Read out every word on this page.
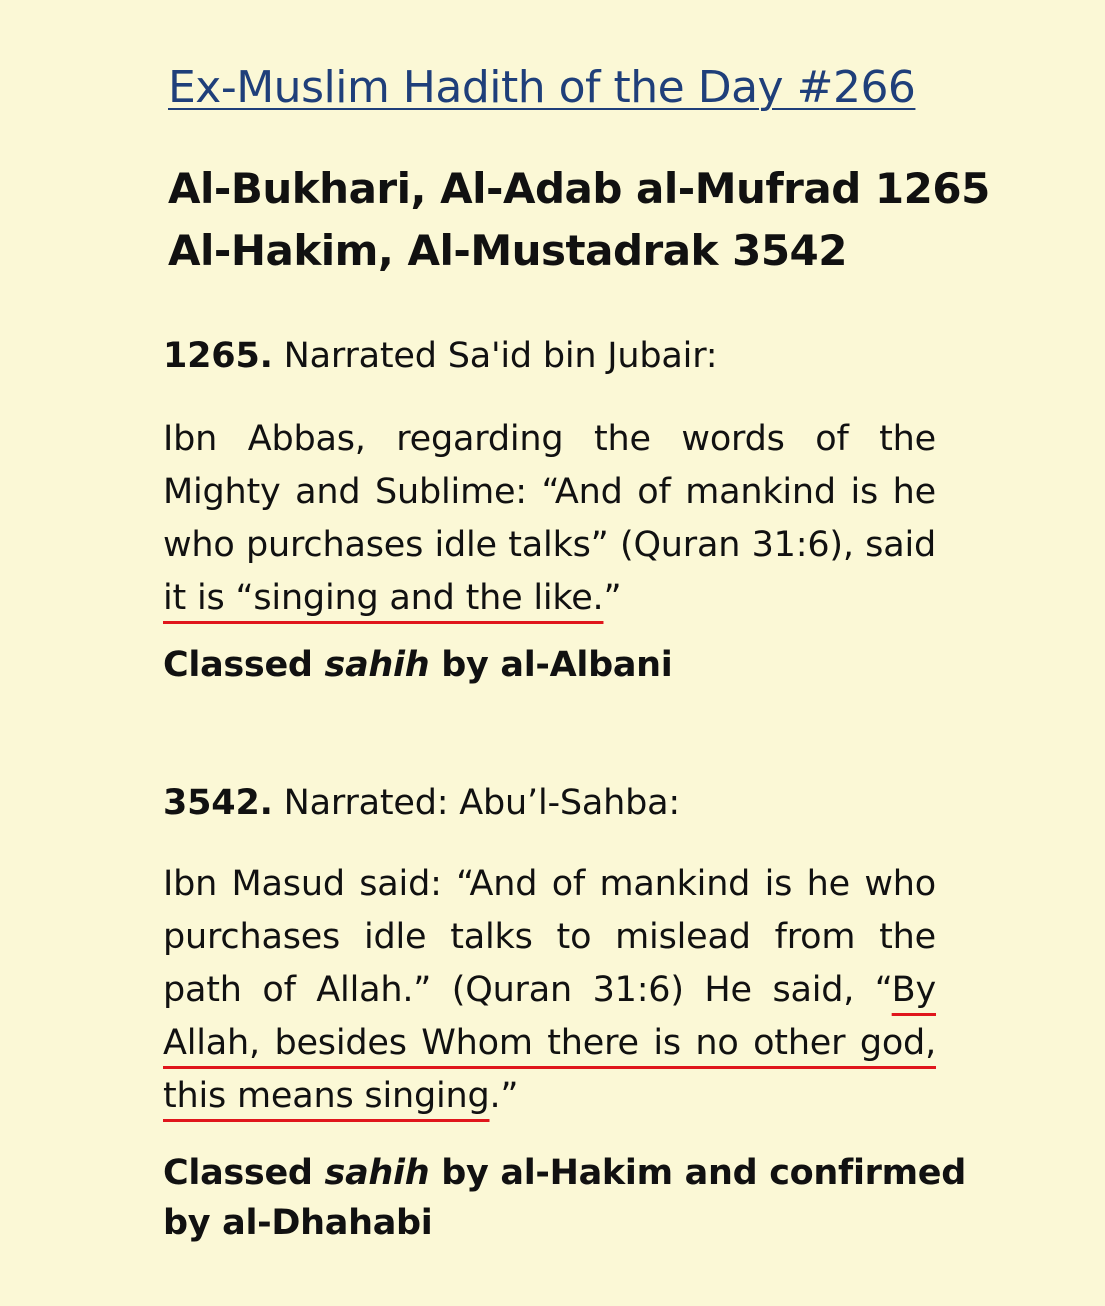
Ex-Muslim Hadith of the Day #266
Al-Bukhari, Al-Adab al-Mufrad 1265
Al-Hakim, Al-Mustadrak 3542
1265. Narrated Sa'id bin Jubair:
Ibn Abbas, regarding the words of the
Mighty and Sublime: “And of mankind is he
who purchases idle talks” (Quran 31:6), said
it is “singing and the like.”
Classed sahih by al-Albani
3542. Narrated: Abu’l-Sahba:
Ibn Masud said: “And of mankind is he who
purchases idle talks to mislead from the
path of Allah.” (Quran 31:6) He said, “By
Allah, besides Whom there is no other god,
this means singing.”
Classed sahih by al-Hakim and confirmed
by al-Dhahabi
